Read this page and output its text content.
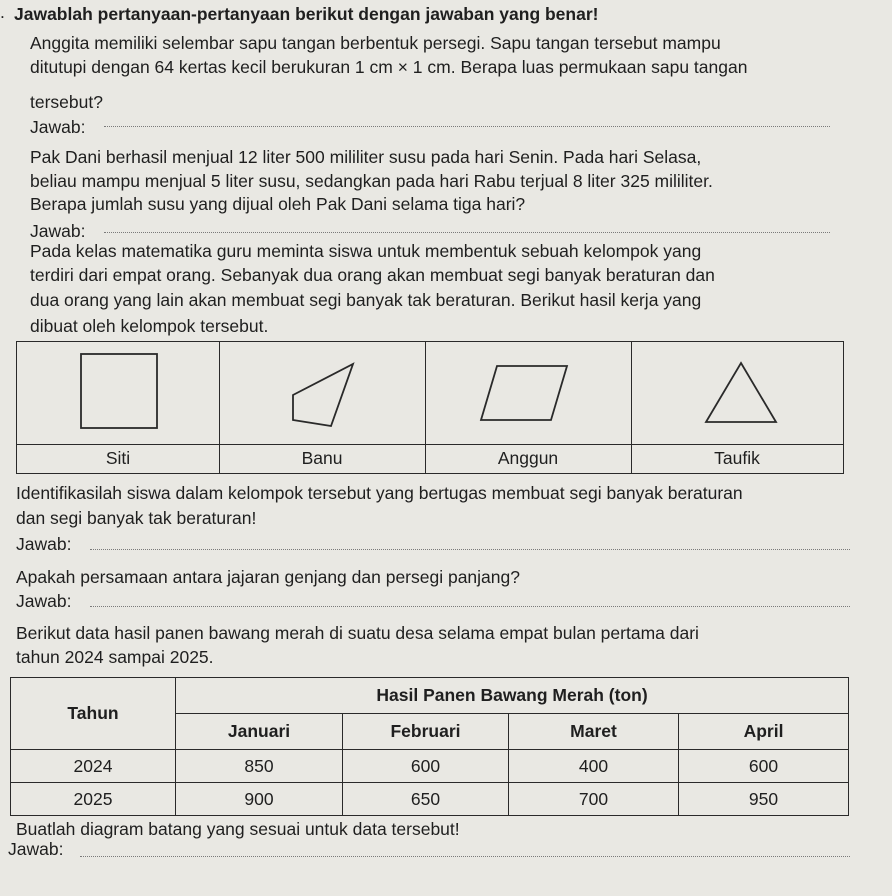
. Jawablah pertanyaan-pertanyaan berikut dengan jawaban yang benar!
Anggita memiliki selembar sapu tangan berbentuk persegi. Sapu tangan tersebut mampu
ditutupi dengan 64 kertas kecil berukuran 1 cm × 1 cm. Berapa luas permukaan sapu tangan
tersebut?
Jawab:
Pak Dani berhasil menjual 12 liter 500 mililiter susu pada hari Senin. Pada hari Selasa,
beliau mampu menjual 5 liter susu, sedangkan pada hari Rabu terjual 8 liter 325 mililiter.
Berapa jumlah susu yang dijual oleh Pak Dani selama tiga hari?
Jawab:
Pada kelas matematika guru meminta siswa untuk membentuk sebuah kelompok yang
terdiri dari empat orang. Sebanyak dua orang akan membuat segi banyak beraturan dan
dua orang yang lain akan membuat segi banyak tak beraturan. Berikut hasil kerja yang
dibuat oleh kelompok tersebut.
Siti	Banu	Anggun	Taufik
Identifikasilah siswa dalam kelompok tersebut yang bertugas membuat segi banyak beraturan
dan segi banyak tak beraturan!
Jawab:
Apakah persamaan antara jajaran genjang dan persegi panjang?
Jawab:
Berikut data hasil panen bawang merah di suatu desa selama empat bulan pertama dari
tahun 2024 sampai 2025.
Tahun	Hasil Panen Bawang Merah (ton)			
	Januari	Februari	Maret	April
2024	850	600	400	600
2025	900	650	700	950
Buatlah diagram batang yang sesuai untuk data tersebut!
Jawab:
